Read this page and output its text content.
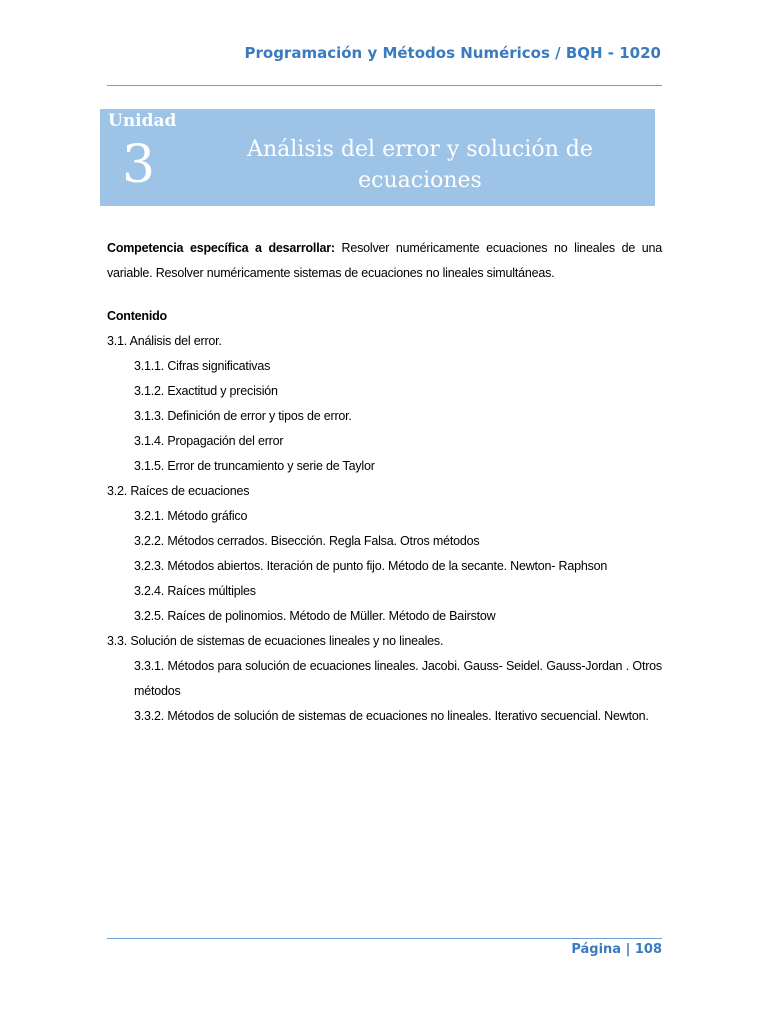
Programación y Métodos Numéricos / BQH - 1020
Unidad
3	Análisis del error y solución de ecuaciones
Competencia específica a desarrollar: Resolver numéricamente ecuaciones no lineales de una variable. Resolver numéricamente sistemas de ecuaciones no lineales simultáneas.
Contenido
3.1. Análisis del error.
3.1.1. Cifras significativas
3.1.2. Exactitud y precisión
3.1.3. Definición de error y tipos de error.
3.1.4. Propagación del error
3.1.5. Error de truncamiento y serie de Taylor
3.2. Raíces de ecuaciones
3.2.1. Método gráfico
3.2.2. Métodos cerrados. Bisección. Regla Falsa. Otros métodos
3.2.3. Métodos abiertos. Iteración de punto fijo. Método de la secante. Newton- Raphson
3.2.4. Raíces múltiples
3.2.5. Raíces de polinomios. Método de Müller. Método de Bairstow
3.3. Solución de sistemas de ecuaciones lineales y no lineales.
3.3.1. Métodos para solución de ecuaciones lineales. Jacobi. Gauss- Seidel. Gauss-Jordan . Otros métodos
3.3.2. Métodos de solución de sistemas de ecuaciones no lineales. Iterativo secuencial. Newton.
Página | 108
